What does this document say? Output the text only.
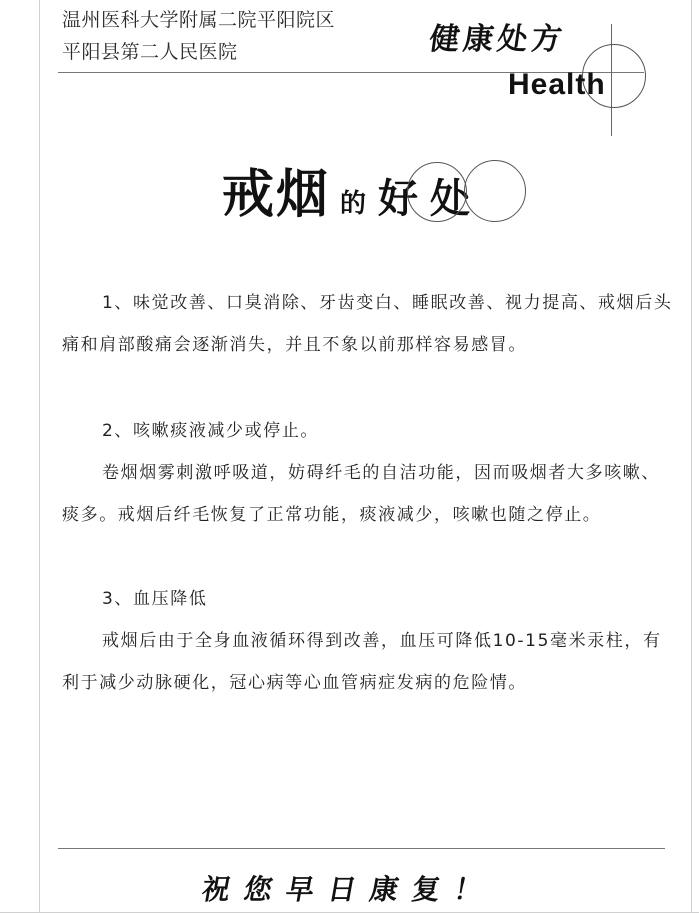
温州医科大学附属二院平阳院区
平阳县第二人民医院	健康处方
Health
戒烟 的 好 处

1、味觉改善、口臭消除、牙齿变白、睡眠改善、视力提高、戒烟后头痛和肩部酸痛会逐渐消失，并且不象以前那样容易感冒。

2、咳嗽痰液减少或停止。

卷烟烟雾刺激呼吸道，妨碍纤毛的自洁功能，因而吸烟者大多咳嗽、痰多。戒烟后纤毛恢复了正常功能，痰液减少，咳嗽也随之停止。

3、血压降低

戒烟后由于全身血液循环得到改善，血压可降低10-15毫米汞柱，有利于减少动脉硬化，冠心病等心血管病症发病的危险情。

祝您早日康复！
